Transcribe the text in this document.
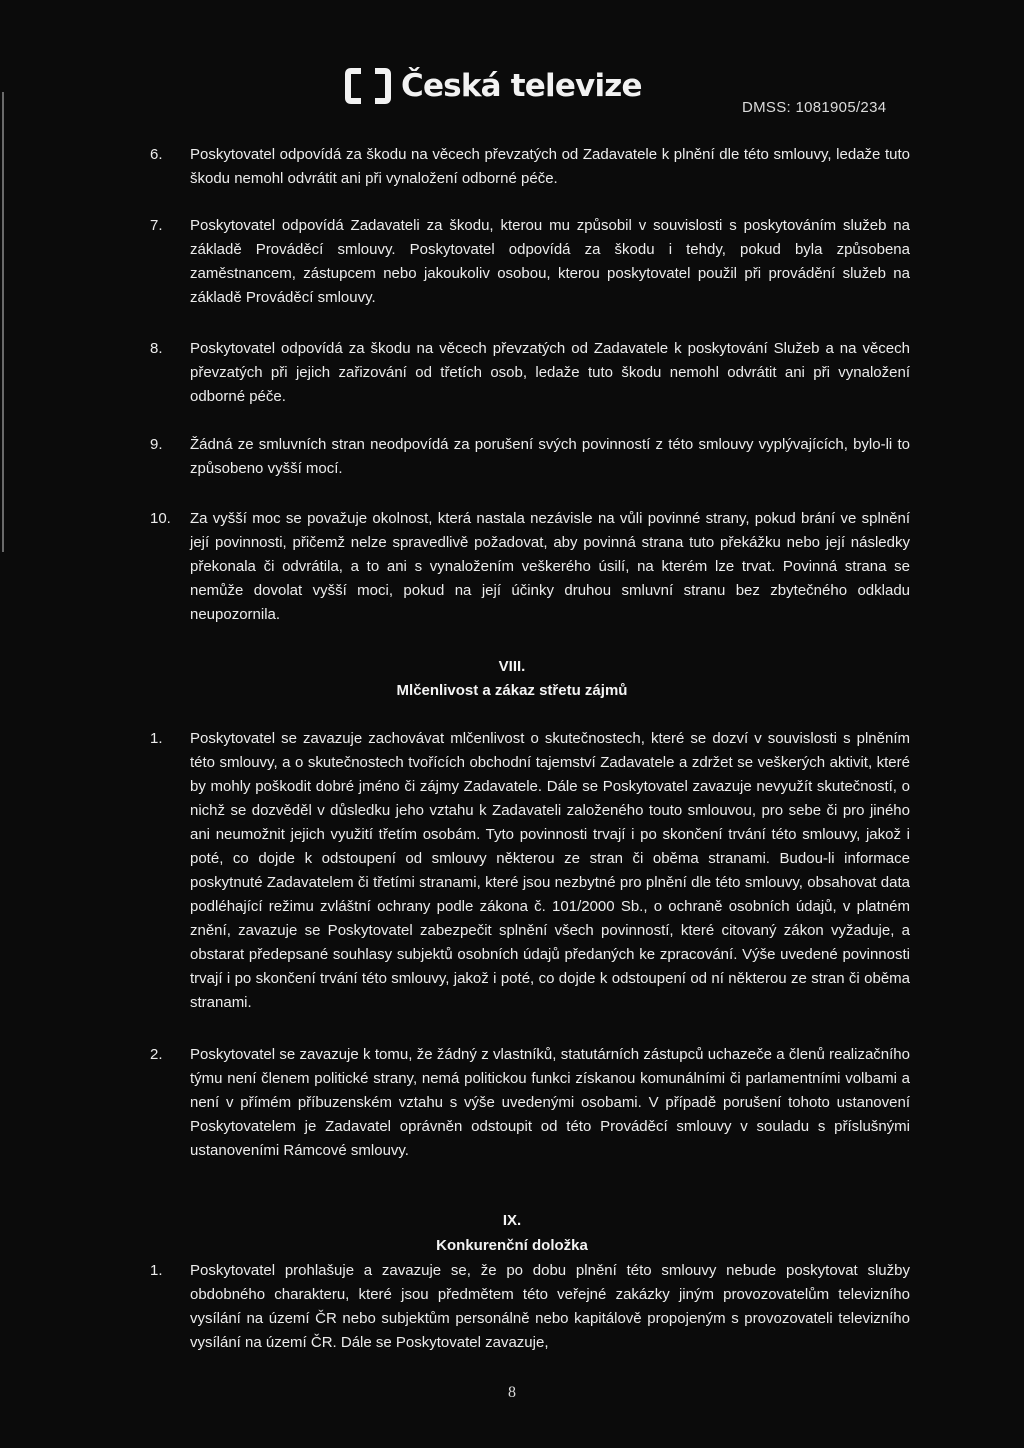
Česká televize
DMSS: 1081905/234
6. Poskytovatel odpovídá za škodu na věcech převzatých od Zadavatele k plnění dle této smlouvy, ledaže tuto škodu nemohl odvrátit ani při vynaložení odborné péče.
7. Poskytovatel odpovídá Zadavateli za škodu, kterou mu způsobil v souvislosti s poskytováním služeb na základě Prováděcí smlouvy. Poskytovatel odpovídá za škodu i tehdy, pokud byla způsobena zaměstnancem, zástupcem nebo jakoukoliv osobou, kterou poskytovatel použil při provádění služeb na základě Prováděcí smlouvy.
8. Poskytovatel odpovídá za škodu na věcech převzatých od Zadavatele k poskytování Služeb a na věcech převzatých při jejich zařizování od třetích osob, ledaže tuto škodu nemohl odvrátit ani při vynaložení odborné péče.
9. Žádná ze smluvních stran neodpovídá za porušení svých povinností z této smlouvy vyplývajících, bylo-li to způsobeno vyšší mocí.
10. Za vyšší moc se považuje okolnost, která nastala nezávisle na vůli povinné strany, pokud brání ve splnění její povinnosti, přičemž nelze spravedlivě požadovat, aby povinná strana tuto překážku nebo její následky překonala či odvrátila, a to ani s vynaložením veškerého úsilí, na kterém lze trvat. Povinná strana se nemůže dovolat vyšší moci, pokud na její účinky druhou smluvní stranu bez zbytečného odkladu neupozornila.
VIII.
Mlčenlivost a zákaz střetu zájmů
1. Poskytovatel se zavazuje zachovávat mlčenlivost o skutečnostech, které se dozví v souvislosti s plněním této smlouvy, a o skutečnostech tvořících obchodní tajemství Zadavatele a zdržet se veškerých aktivit, které by mohly poškodit dobré jméno či zájmy Zadavatele. Dále se Poskytovatel zavazuje nevyužít skutečností, o nichž se dozvěděl v důsledku jeho vztahu k Zadavateli založeného touto smlouvou, pro sebe či pro jiného ani neumožnit jejich využití třetím osobám. Tyto povinnosti trvají i po skončení trvání této smlouvy, jakož i poté, co dojde k odstoupení od smlouvy některou ze stran či oběma stranami. Budou-li informace poskytnuté Zadavatelem či třetími stranami, které jsou nezbytné pro plnění dle této smlouvy, obsahovat data podléhající režimu zvláštní ochrany podle zákona č. 101/2000 Sb., o ochraně osobních údajů, v platném znění, zavazuje se Poskytovatel zabezpečit splnění všech povinností, které citovaný zákon vyžaduje, a obstarat předepsané souhlasy subjektů osobních údajů předaných ke zpracování. Výše uvedené povinnosti trvají i po skončení trvání této smlouvy, jakož i poté, co dojde k odstoupení od ní některou ze stran či oběma stranami.
2. Poskytovatel se zavazuje k tomu, že žádný z vlastníků, statutárních zástupců uchazeče a členů realizačního týmu není členem politické strany, nemá politickou funkci získanou komunálními či parlamentními volbami a není v přímém příbuzenském vztahu s výše uvedenými osobami. V případě porušení tohoto ustanovení Poskytovatelem je Zadavatel oprávněn odstoupit od této Prováděcí smlouvy v souladu s příslušnými ustanoveními Rámcové smlouvy.
IX.
Konkurenční doložka
1. Poskytovatel prohlašuje a zavazuje se, že po dobu plnění této smlouvy nebude poskytovat služby obdobného charakteru, které jsou předmětem této veřejné zakázky jiným provozovatelům televizního vysílání na území ČR nebo subjektům personálně nebo kapitálově propojeným s provozovateli televizního vysílání na území ČR. Dále se Poskytovatel zavazuje,
8
